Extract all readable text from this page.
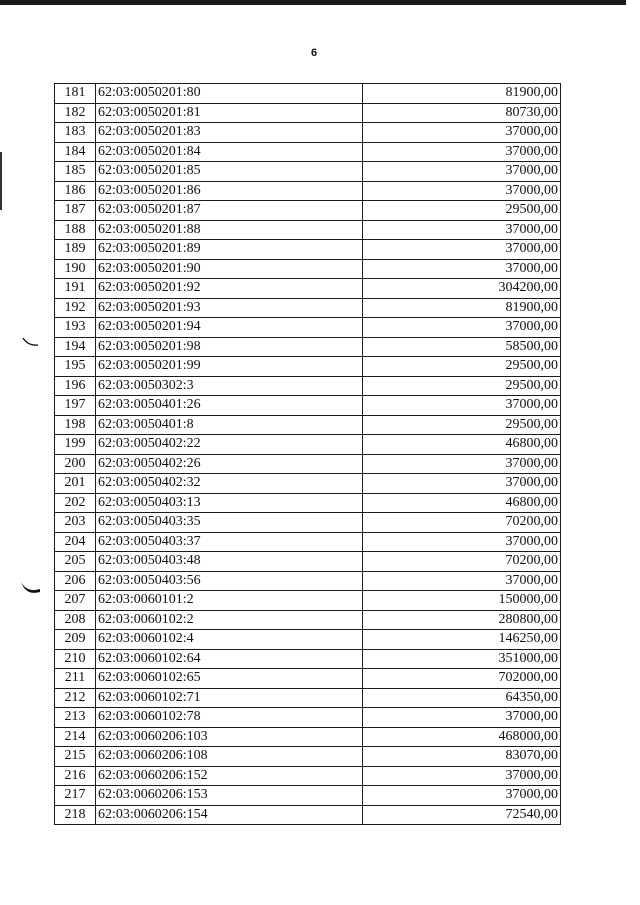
6
181	62:03:0050201:80	81900,00
182	62:03:0050201:81	80730,00
183	62:03:0050201:83	37000,00
184	62:03:0050201:84	37000,00
185	62:03:0050201:85	37000,00
186	62:03:0050201:86	37000,00
187	62:03:0050201:87	29500,00
188	62:03:0050201:88	37000,00
189	62:03:0050201:89	37000,00
190	62:03:0050201:90	37000,00
191	62:03:0050201:92	304200,00
192	62:03:0050201:93	81900,00
193	62:03:0050201:94	37000,00
194	62:03:0050201:98	58500,00
195	62:03:0050201:99	29500,00
196	62:03:0050302:3	29500,00
197	62:03:0050401:26	37000,00
198	62:03:0050401:8	29500,00
199	62:03:0050402:22	46800,00
200	62:03:0050402:26	37000,00
201	62:03:0050402:32	37000,00
202	62:03:0050403:13	46800,00
203	62:03:0050403:35	70200,00
204	62:03:0050403:37	37000,00
205	62:03:0050403:48	70200,00
206	62:03:0050403:56	37000,00
207	62:03:0060101:2	150000,00
208	62:03:0060102:2	280800,00
209	62:03:0060102:4	146250,00
210	62:03:0060102:64	351000,00
211	62:03:0060102:65	702000,00
212	62:03:0060102:71	64350,00
213	62:03:0060102:78	37000,00
214	62:03:0060206:103	468000,00
215	62:03:0060206:108	83070,00
216	62:03:0060206:152	37000,00
217	62:03:0060206:153	37000,00
218	62:03:0060206:154	72540,00
